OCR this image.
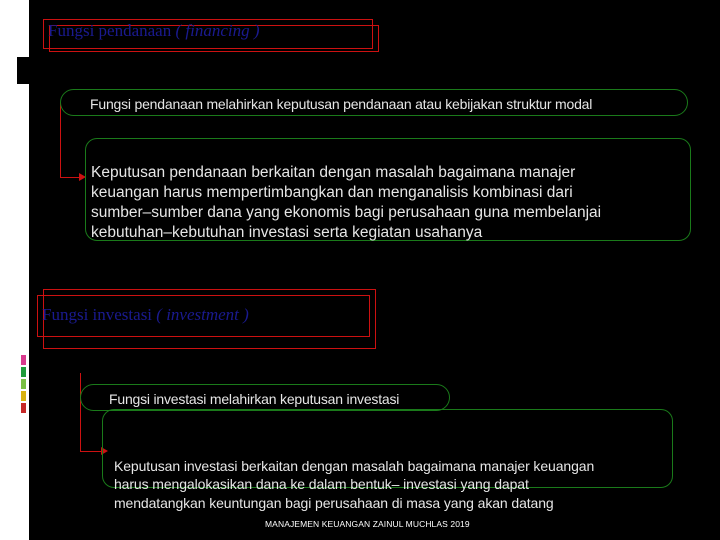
Fungsi pendanaan ( financing )
Fungsi pendanaan melahirkan keputusan pendanaan atau kebijakan struktur modal
Keputusan pendanaan berkaitan dengan masalah bagaimana manajer
keuangan harus mempertimbangkan dan menganalisis kombinasi dari
sumber–sumber dana yang ekonomis bagi perusahaan guna membelanjai
kebutuhan–kebutuhan investasi serta kegiatan usahanya
Fungsi investasi ( investment )
Fungsi investasi melahirkan keputusan investasi
Keputusan investasi berkaitan dengan masalah bagaimana manajer keuangan
harus mengalokasikan dana ke dalam bentuk– investasi yang dapat
mendatangkan keuntungan bagi perusahaan di masa yang akan datang
MANAJEMEN KEUANGAN ZAINUL MUCHLAS 2019
